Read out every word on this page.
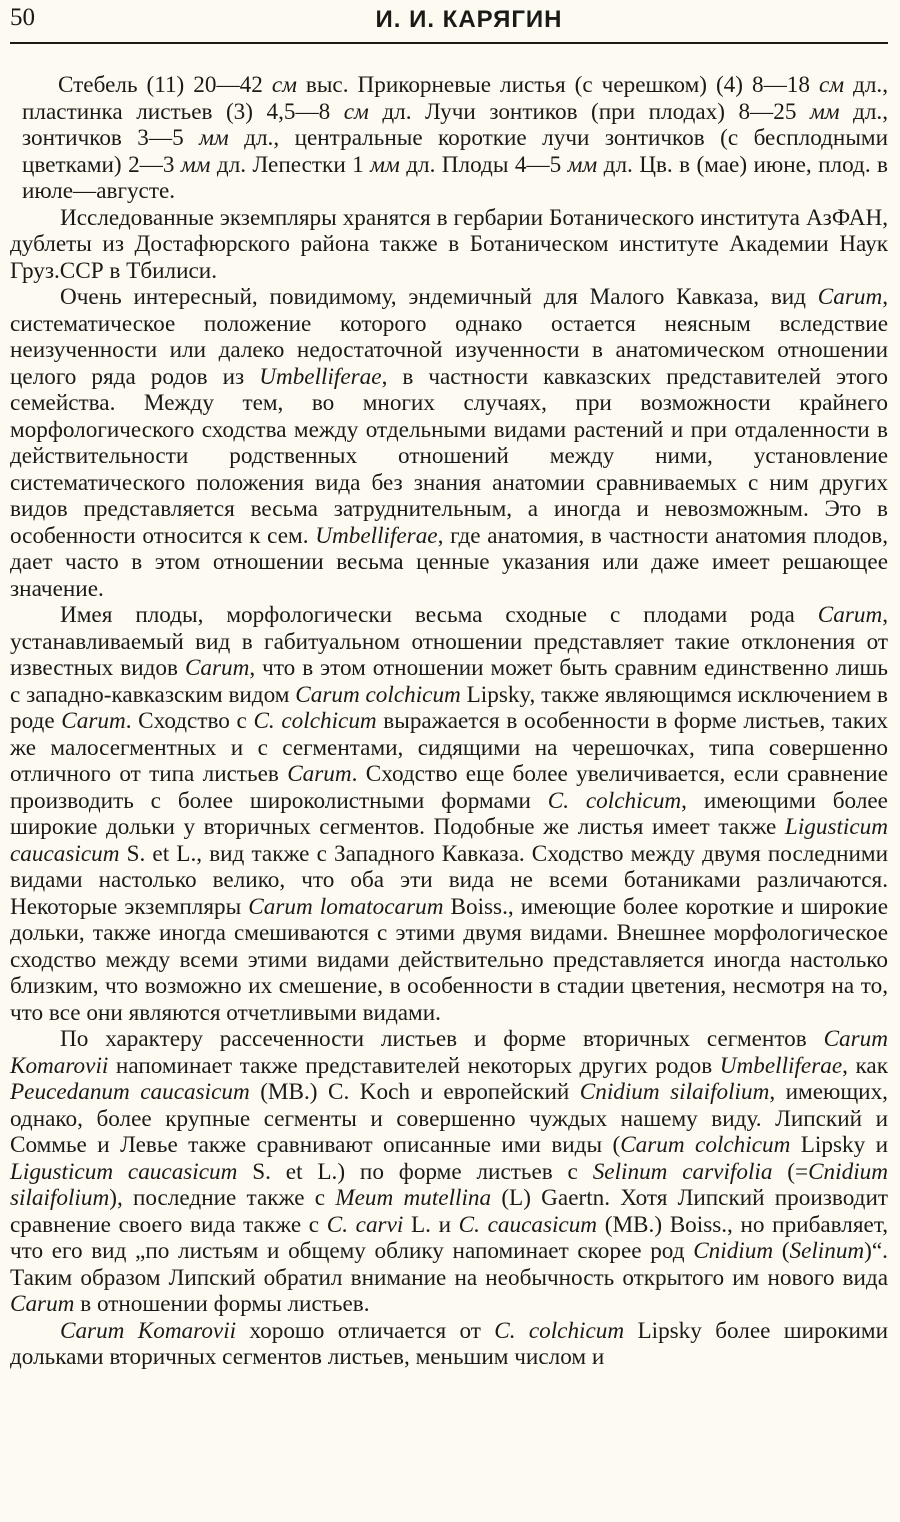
50	И. И. КАРЯГИН

Стебель (11) 20—42 см выс. Прикорневые листья (с черешком) (4) 8—18 см дл., пластинка листьев (3) 4,5—8 см дл. Лучи зонтиков (при плодах) 8—25 мм дл., зонтичков 3—5 мм дл., центральные короткие лучи зонтичков (с бесплодными цветками) 2—3 мм дл. Лепестки 1 мм дл. Плоды 4—5 мм дл. Цв. в (мае) июне, плод. в июле—августе.

Исследованные экземпляры хранятся в гербарии Ботанического института АзФАН, дублеты из Достафюрского района также в Ботаническом институте Академии Наук Груз.ССР в Тбилиси.

Очень интересный, повидимому, эндемичный для Малого Кавказа, вид Carum, систематическое положение которого однако остается неясным вследствие неизученности или далеко недостаточной изученности в анатомическом отношении целого ряда родов из Umbelliferae, в частности кавказских представителей этого семейства. Между тем, во многих случаях, при возможности крайнего морфологического сходства между отдельными видами растений и при отдаленности в действительности родственных отношений между ними, установление систематического положения вида без знания анатомии сравниваемых с ним других видов представляется весьма затруднительным, а иногда и невозможным. Это в особенности относится к сем. Umbelliferae, где анатомия, в частности анатомия плодов, дает часто в этом отношении весьма ценные указания или даже имеет решающее значение.

Имея плоды, морфологически весьма сходные с плодами рода Carum, устанавливаемый вид в габитуальном отношении представляет такие отклонения от известных видов Carum, что в этом отношении может быть сравним единственно лишь с западно-кавказским видом Carum colchicum Lipsky, также являющимся исключением в роде Carum. Сходство с C. colchicum выражается в особенности в форме листьев, таких же малосегментных и с сегментами, сидящими на черешочках, типа совершенно отличного от типа листьев Carum. Сходство еще более увеличивается, если сравнение производить с более широколистными формами C. colchicum, имеющими более широкие дольки у вторичных сегментов. Подобные же листья имеет также Ligusticum caucasicum S. et L., вид также с Западного Кавказа. Сходство между двумя последними видами настолько велико, что оба эти вида не всеми ботаниками различаются. Некоторые экземпляры Carum lomatocarum Boiss., имеющие более короткие и широкие дольки, также иногда смешиваются с этими двумя видами. Внешнее морфологическое сходство между всеми этими видами действительно представляется иногда настолько близким, что возможно их смешение, в особенности в стадии цветения, несмотря на то, что все они являются отчетливыми видами.

По характеру рассеченности листьев и форме вторичных сегментов Carum Komarovii напоминает также представителей некоторых других родов Umbelliferae, как Peucedanum caucasicum (MB.) C. Koch и европейский Cnidium silaifolium, имеющих, однако, более крупные сегменты и совершенно чуждых нашему виду. Липский и Соммье и Левье также сравнивают описанные ими виды (Carum colchicum Lipsky и Ligusticum caucasicum S. et L.) по форме листьев с Selinum carvifolia (=Cnidium silaifolium), последние также с Meum mutellina (L) Gaertn. Хотя Липский производит сравнение своего вида также с C. carvi L. и C. caucasicum (MB.) Boiss., но прибавляет, что его вид „по листьям и общему облику напоминает скорее род Cnidium (Selinum)“. Таким образом Липский обратил внимание на необычность открытого им нового вида Carum в отношении формы листьев.

Carum Komarovii хорошо отличается от C. colchicum Lipsky более широкими дольками вторичных сегментов листьев, меньшим числом и
